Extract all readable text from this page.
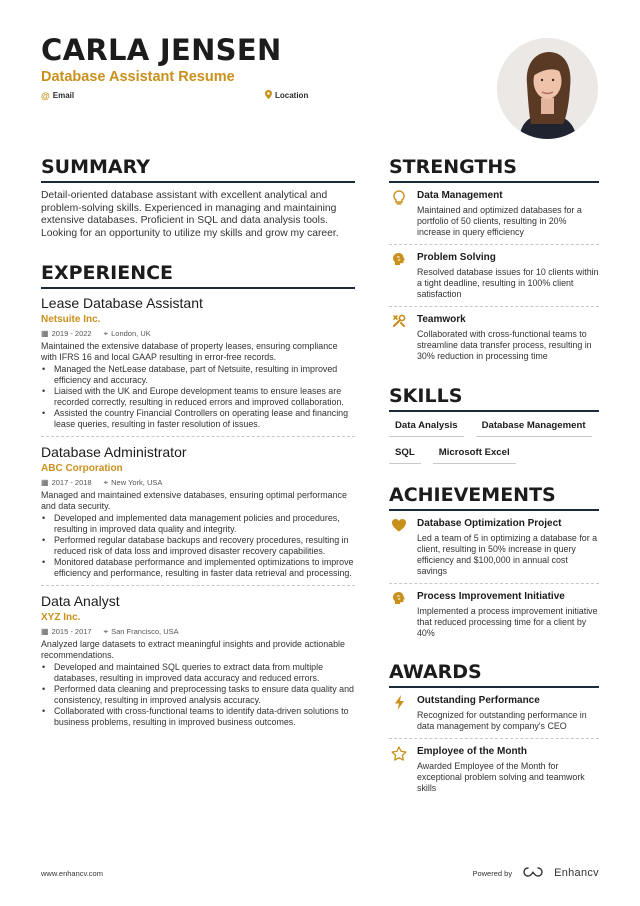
CARLA JENSEN
Database Assistant Resume
@ Email	Location
SUMMARY

Detail-oriented database assistant with excellent analytical and problem-solving skills. Experienced in managing and maintaining extensive databases. Proficient in SQL and data analysis tools. Looking for an opportunity to utilize my skills and grow my career.

EXPERIENCE
Lease Database Assistant
Netsuite Inc.
▦ 2019 - 2022 ⌖ London, UK

Maintained the extensive database of property leases, ensuring compliance with IFRS 16 and local GAAP resulting in error-free records.

• Managed the NetLease database, part of Netsuite, resulting in improved efficiency and accuracy.
• Liaised with the UK and Europe development teams to ensure leases are recorded correctly, resulting in reduced errors and improved collaboration.
• Assisted the country Financial Controllers on operating lease and financing lease queries, resulting in faster resolution of issues.
Database Administrator
ABC Corporation
▦ 2017 - 2018 ⌖ New York, USA

Managed and maintained extensive databases, ensuring optimal performance and data security.

• Developed and implemented data management policies and procedures, resulting in improved data quality and integrity.
• Performed regular database backups and recovery procedures, resulting in reduced risk of data loss and improved disaster recovery capabilities.
• Monitored database performance and implemented optimizations to improve efficiency and performance, resulting in faster data retrieval and processing.
Data Analyst
XYZ Inc.
▦ 2015 - 2017 ⌖ San Francisco, USA

Analyzed large datasets to extract meaningful insights and provide actionable recommendations.

• Developed and maintained SQL queries to extract data from multiple databases, resulting in improved data accuracy and reduced errors.
• Performed data cleaning and preprocessing tasks to ensure data quality and consistency, resulting in improved analysis accuracy.
• Collaborated with cross-functional teams to identify data-driven solutions to business problems, resulting in improved business outcomes.
STRENGTHS
Data Management
Maintained and optimized databases for a portfolio of 50 clients, resulting in 20% increase in query efficiency
Problem Solving
Resolved database issues for 10 clients within a tight deadline, resulting in 100% client satisfaction
Teamwork
Collaborated with cross-functional teams to streamline data transfer process, resulting in 30% reduction in processing time
SKILLS
Data Analysis	Database Management
SQL	Microsoft Excel
ACHIEVEMENTS
Database Optimization Project
Led a team of 5 in optimizing a database for a client, resulting in 50% increase in query efficiency and $100,000 in annual cost savings
Process Improvement Initiative
Implemented a process improvement initiative that reduced processing time for a client by 40%
AWARDS
Outstanding Performance
Recognized for outstanding performance in data management by company's CEO
Employee of the Month
Awarded Employee of the Month for exceptional problem solving and teamwork skills
www.enhancv.com	Powered by	Enhancv
